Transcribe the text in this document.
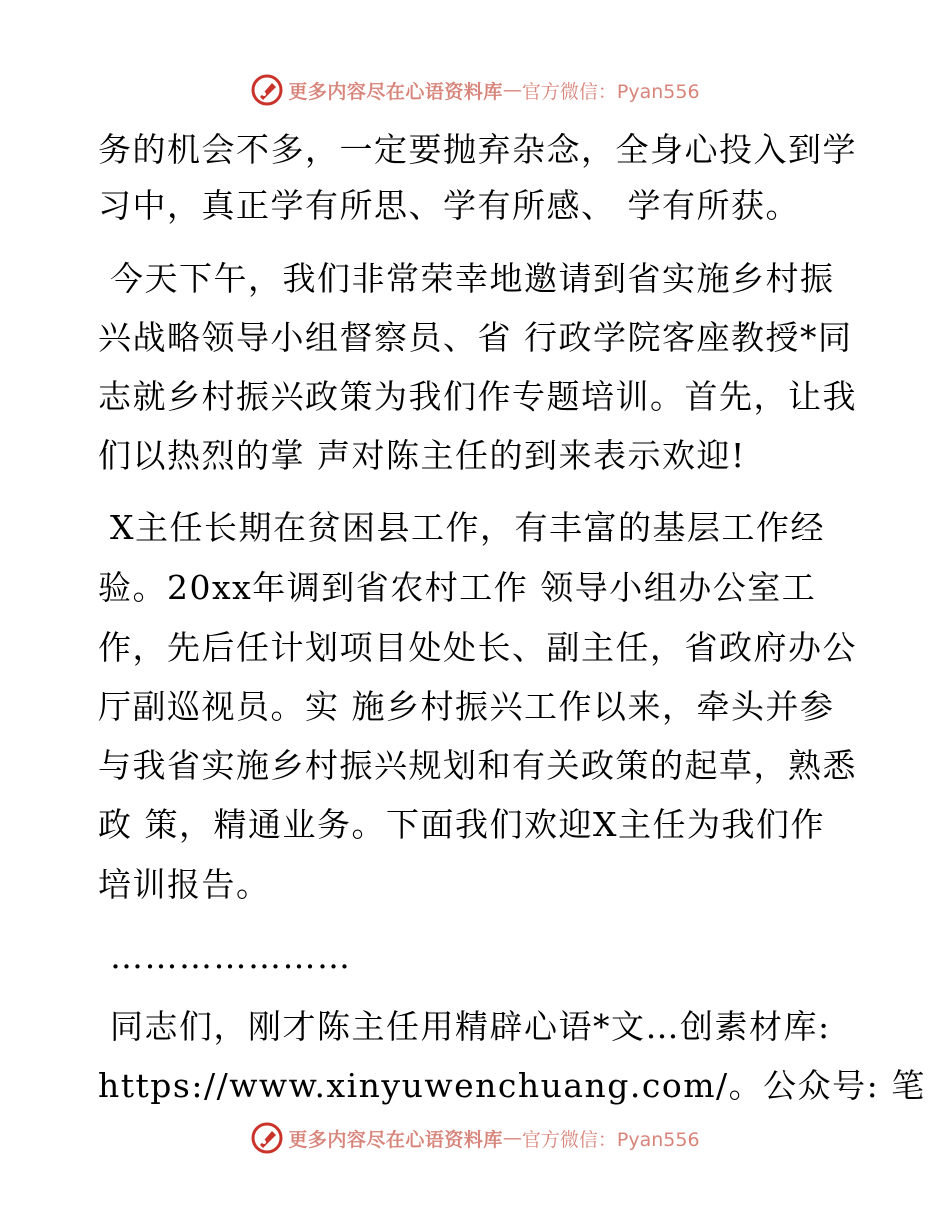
更多内容尽在心语资料库 — 官方微信：Pyan556
务的机会不多，一定要抛弃杂念，全身心投入到学
习中，真正学有所思、学有所感、 学有所获。
今天下午，我们非常荣幸地邀请到省实施乡村振
兴战略领导小组督察员、省 行政学院客座教授*同
志就乡村振兴政策为我们作专题培训。首先，让我
们以热烈的掌 声对陈主任的到来表示欢迎!
X主任长期在贫困县工作，有丰富的基层工作经
验。20xx年调到省农村工作 领导小组办公室工
作，先后任计划项目处处长、副主任，省政府办公
厅副巡视员。实 施乡村振兴工作以来，牵头并参
与我省实施乡村振兴规划和有关政策的起草，熟悉
政 策，精通业务。下面我们欢迎X主任为我们作
培训报告。
…………………
同志们，刚才陈主任用精辟心语*文…创素材库:
https://www.xinyuwenchuang.com/。公众号: 笔
更多内容尽在心语资料库 — 官方微信：Pyan556
